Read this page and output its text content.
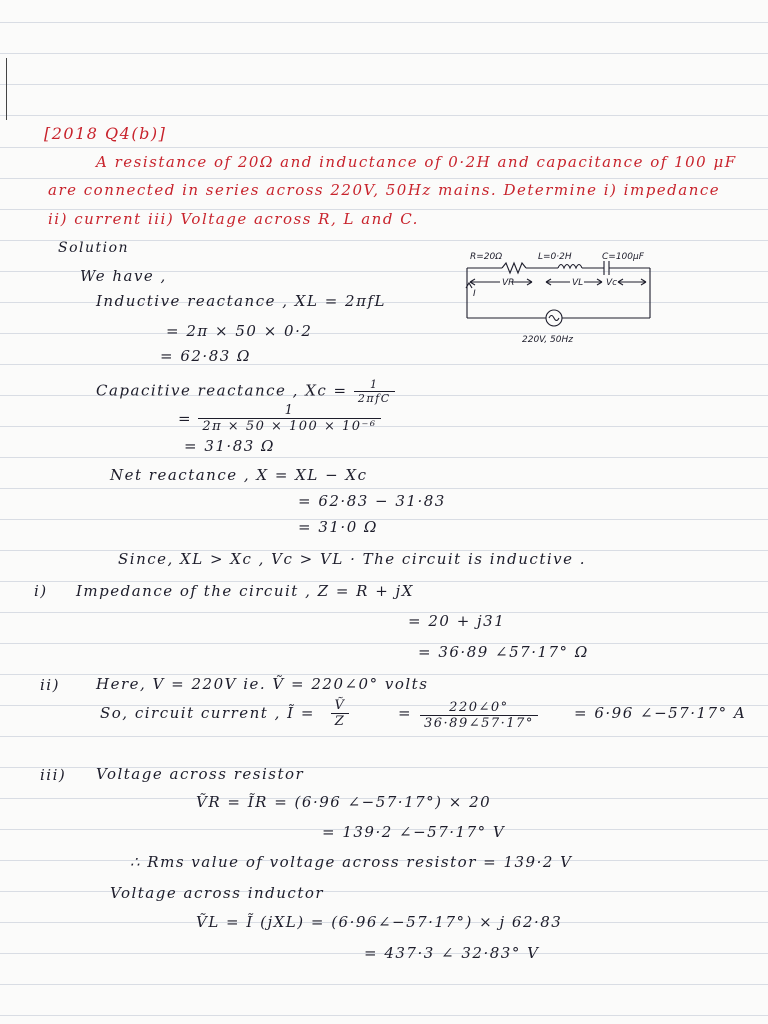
[2018 Q4(b)]
A resistance of 20Ω and inductance of 0·2H and capacitance of 100 μF
are connected in series across 220V, 50Hz mains. Determine i) impedance
ii) current iii) Voltage across R, L and C.
Solution
We have ,
R=20Ω	L=0·2H	C=100μF
VR	VL	Vc
I
220V, 50Hz
Inductive reactance , XL = 2πfL
= 2π × 50 × 0·2
= 62·83 Ω
Capacitive reactance , $Xc = \frac{1}{\text{2πfC}}$
= $\frac{1}{\text{2π × 50 × 100 × 10⁻⁶}}$
= 31·83 Ω
Net reactance , X = XL − Xc
= 62·83 − 31·83
= 31·0 Ω
Since, XL > Xc , Vc > VL · The circuit is inductive .
i) Impedance of the circuit , Z = R + jX
= 20 + j31
= 36·89 ∠57·17° Ω
ii) Here, V = 220V ie. Ṽ = 220∠0° volts
So, circuit current , Ĩ = $\frac{\text{Ṽ}}{Z}$	= $\frac{220\angle 0^\circ}{36\cdot 89\angle 57\cdot 17^\circ} = 6\cdot 96$ ∠−57·17° A
iii) Voltage across resistor
ṼR = ĨR = (6·96 ∠−57·17°) × 20
= 139·2 ∠−57·17° V
∴ Rms value of voltage across resistor = 139·2 V
Voltage across inductor
ṼL = Ĩ (jXL) = (6·96∠−57·17°) × j 62·83
= 437·3 ∠ 32·83° V
